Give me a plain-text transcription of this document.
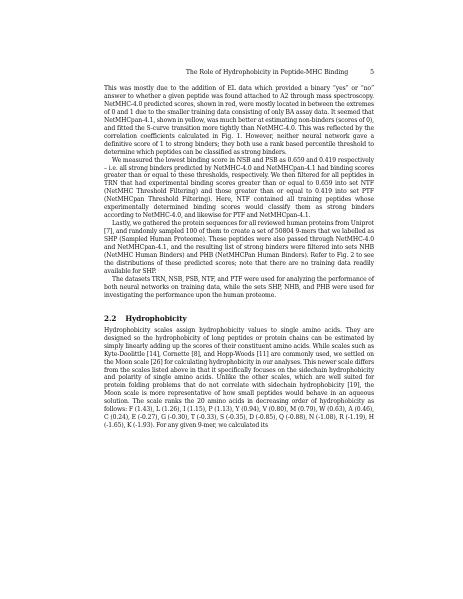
The Role of Hydrophobicity in Peptide-MHC Binding	5

This was mostly due to the addition of EL data which provided a binary “yes” or “no” answer to whether a given peptide was found attached to A2 through mass spectroscopy. NetMHC-4.0 predicted scores, shown in red, were mostly located in between the extremes of 0 and 1 due to the smaller training data consisting of only BA assay data. It seemed that NetMHCpan-4.1, shown in yellow, was much better at estimating non-binders (scores of 0), and fitted the S-curve transition more tightly than NetMHC-4.0. This was reflected by the correlation coefficients calculated in Fig. 1. However, neither neural network gave a definitive score of 1 to strong binders; they both use a rank based percentile threshold to determine which peptides can be classified as strong binders.

We measured the lowest binding score in NSB and PSB as 0.659 and 0.419 respectively – i.e. all strong binders predicted by NetMHC-4.0 and NetMHCpan-4.1 had binding scores greater than or equal to these thresholds, respectively. We then filtered for all peptides in TRN that had experimental binding scores greater than or equal to 0.659 into set NTF (NetMHC Threshold Filtering) and those greater than or equal to 0.419 into set PTF (NetMHCpan Threshold Filtering). Here, NTF contained all training peptides whose experimentally determined binding scores would classify them as strong binders according to NetMHC-4.0, and likewise for PTF and NetMHCpan-4.1.

Lastly, we gathered the protein sequences for all reviewed human proteins from Uniprot [7], and randomly sampled 100 of them to create a set of 50804 9-mers that we labelled as SHP (Sampled Human Proteome). These peptides were also passed through NetMHC-4.0 and NetMHCpan-4.1, and the resulting list of strong binders were filtered into sets NHB (NetMHC Human Binders) and PHB (NetMHCPan Human Binders). Refer to Fig. 2 to see the distributions of these predicted scores; note that there are no training data readily available for SHP.

The datasets TRN, NSB, PSB, NTF, and PTF were used for analyzing the performance of both neural networks on training data, while the sets SHP, NHB, and PHB were used for investigating the performance upon the human proteome.

2.2 Hydrophobicity

Hydrophobicity scales assign hydrophobicity values to single amino acids. They are designed so the hydrophobicity of long peptides or protein chains can be estimated by simply linearly adding up the scores of their constituent amino acids. While scales such as Kyte-Doolittle [14], Cornette [8], and Hopp-Woods [11] are commonly used, we settled on the Moon scale [26] for calculating hydrophobicity in our analyses. This newer scale differs from the scales listed above in that it specifically focuses on the sidechain hydrophobicity and polarity of single amino acids. Unlike the other scales, which are well suited for protein folding problems that do not correlate with sidechain hydrophobicity [19], the Moon scale is more representative of how small peptides would behave in an aqueous solution. The scale ranks the 20 amino acids in decreasing order of hydrophobicity as follows: F (1.43), L (1.26), I (1.15), P (1.13), Y (0.94), V (0.80), M (0.79), W (0.63), A (0.46), C (0.24), E (-0.27), G (-0.30), T (-0.33), S (-0.35), D (-0.85), Q (-0.88), N (-1.08), R (-1.19), H (-1.65), K (-1.93). For any given 9-mer, we calculated its
